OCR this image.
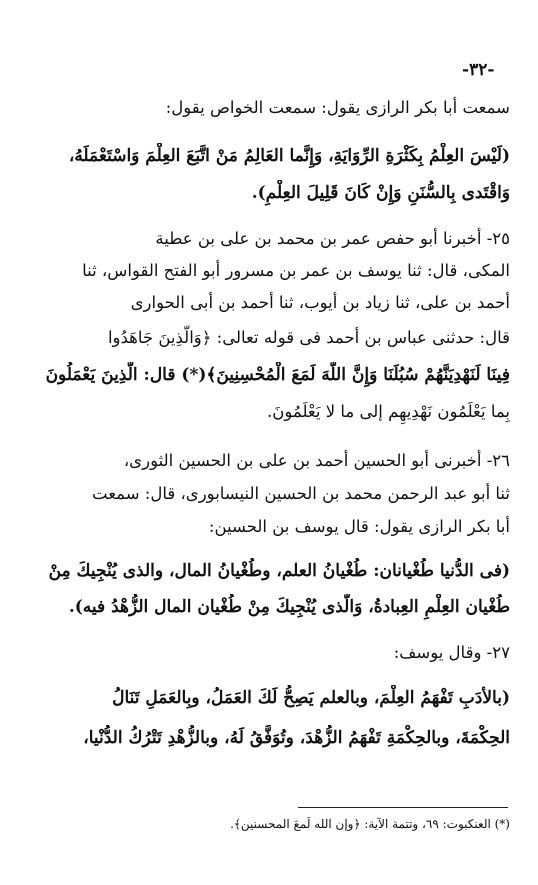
-٣٢-
سمعت أبا بكر الرازى يقول: سمعت الخواص يقول:
(لَيْسَ العِلْمُ بِكَثْرَةِ الرِّوَايَةِ، وَإِنَّما العَالِمُ مَنْ اتَّبَعَ العِلْمَ وَاسْتَعْمَلَهُ،
وَاقْتَدى بِالسُّنَنِ وَإِنْ كَانَ قَلِيلَ العِلْمِ).
٢٥- أخبرنا أبو حفص عمر بن محمد بن على بن عطية
المكى، قال: ثنا يوسف بن عمر بن مسرور أبو الفتح القواس، ثنا
أحمد بن على، ثنا زياد بن أيوب، ثنا أحمد بن أبى الحوارى
قال: حدثنى عباس بن أحمد فى قوله تعالى: ﴿وَالَّذِينَ جَاهَدُوا
فِينَا لَنَهْدِيَنَّهُمْ سُبُلَنَا وَإِنَّ اللَّهَ لَمَعَ الْمُحْسِنِينَ﴾(*) قال: الَّذِينَ يَعْمَلُونَ
بِما يَعْلَمُون نَهْدِيهِم إلى ما لا يَعْلَمُونَ.
٢٦- أخبرنى أبو الحسين أحمد بن على بن الحسين الثورى،
ثنا أبو عبد الرحمن محمد بن الحسين النيسابورى، قال: سمعت
أبا بكر الرازى يقول: قال يوسف بن الحسين:
(فى الدُّنيا طُغْيانان: طُغْيانُ العلم، وطُغْيانُ المال، والذى يُنْجِيكَ مِنْ
طُغْيان العِلْمِ العِبادةُ، وَالَّذى يُنْجِيكَ مِنْ طُغْيان المال الزُّهْدُ فيه).
٢٧- وقال يوسف:
(بالأدَبِ تَفْهَمُ العِلْمَ، وبالعلم يَصِحُّ لَكَ العَمَلُ، وبِالعَمَلِ تَنَالُ
الحِكْمَةَ، وبالحِكْمَةِ تَفْهَمُ الزُّهْدَ، وتُوَفَّقُ لَهُ، وبالزُّهْدِ تَتْرُكُ الدُّنْيا،
(*) العنكبوت: ٦٩، وتتمة الآية: ﴿وإن الله لَمعَ المحسنين﴾.
